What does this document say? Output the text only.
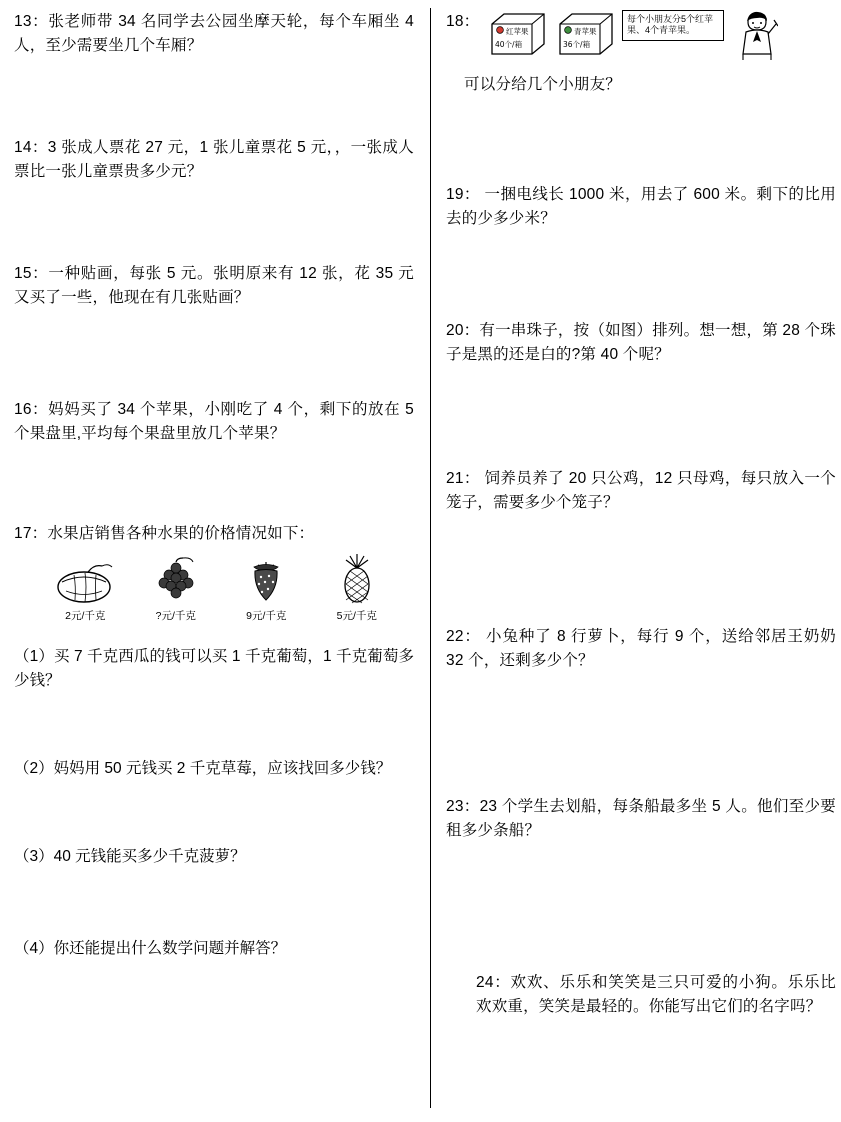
13：张老师带 34 名同学去公园坐摩天轮，每个车厢坐 4 人，至少需要坐几个车厢？
14：3 张成人票花 27 元，1 张儿童票花 5 元，，一张成人票比一张儿童票贵多少元？
15：一种贴画，每张 5 元。张明原来有 12 张，花 35 元又买了一些，他现在有几张贴画？
16：妈妈买了 34 个苹果，小刚吃了 4 个，剩下的放在 5 个果盘里,平均每个果盘里放几个苹果？
17：水果店销售各种水果的价格情况如下：
2元/千克	?元/千克	9元/千克	5元/千克
（1）买 7 千克西瓜的钱可以买 1 千克葡萄，1 千克葡萄多少钱？
（2）妈妈用 50 元钱买 2 千克草莓，应该找回多少钱？
（3）40 元钱能买多少千克菠萝？
（4）你还能提出什么数学问题并解答？
18：
红苹果
40个/箱
青苹果
36个/箱
每个小朋友分5个红苹果、4个青苹果。
可以分给几个小朋友？
19： 一捆电线长 1000 米，用去了 600 米。剩下的比用去的少多少米？
20：有一串珠子，按（如图）排列。想一想，第 28 个珠子是黑的还是白的?第 40 个呢？
21： 饲养员养了 20 只公鸡，12 只母鸡，每只放入一个笼子，需要多少个笼子？
22： 小兔种了 8 行萝卜，每行 9 个，送给邻居王奶奶 32 个，还剩多少个？
23：23 个学生去划船，每条船最多坐 5 人。他们至少要租多少条船？
24：欢欢、乐乐和笑笑是三只可爱的小狗。乐乐比欢欢重，笑笑是最轻的。你能写出它们的名字吗？
